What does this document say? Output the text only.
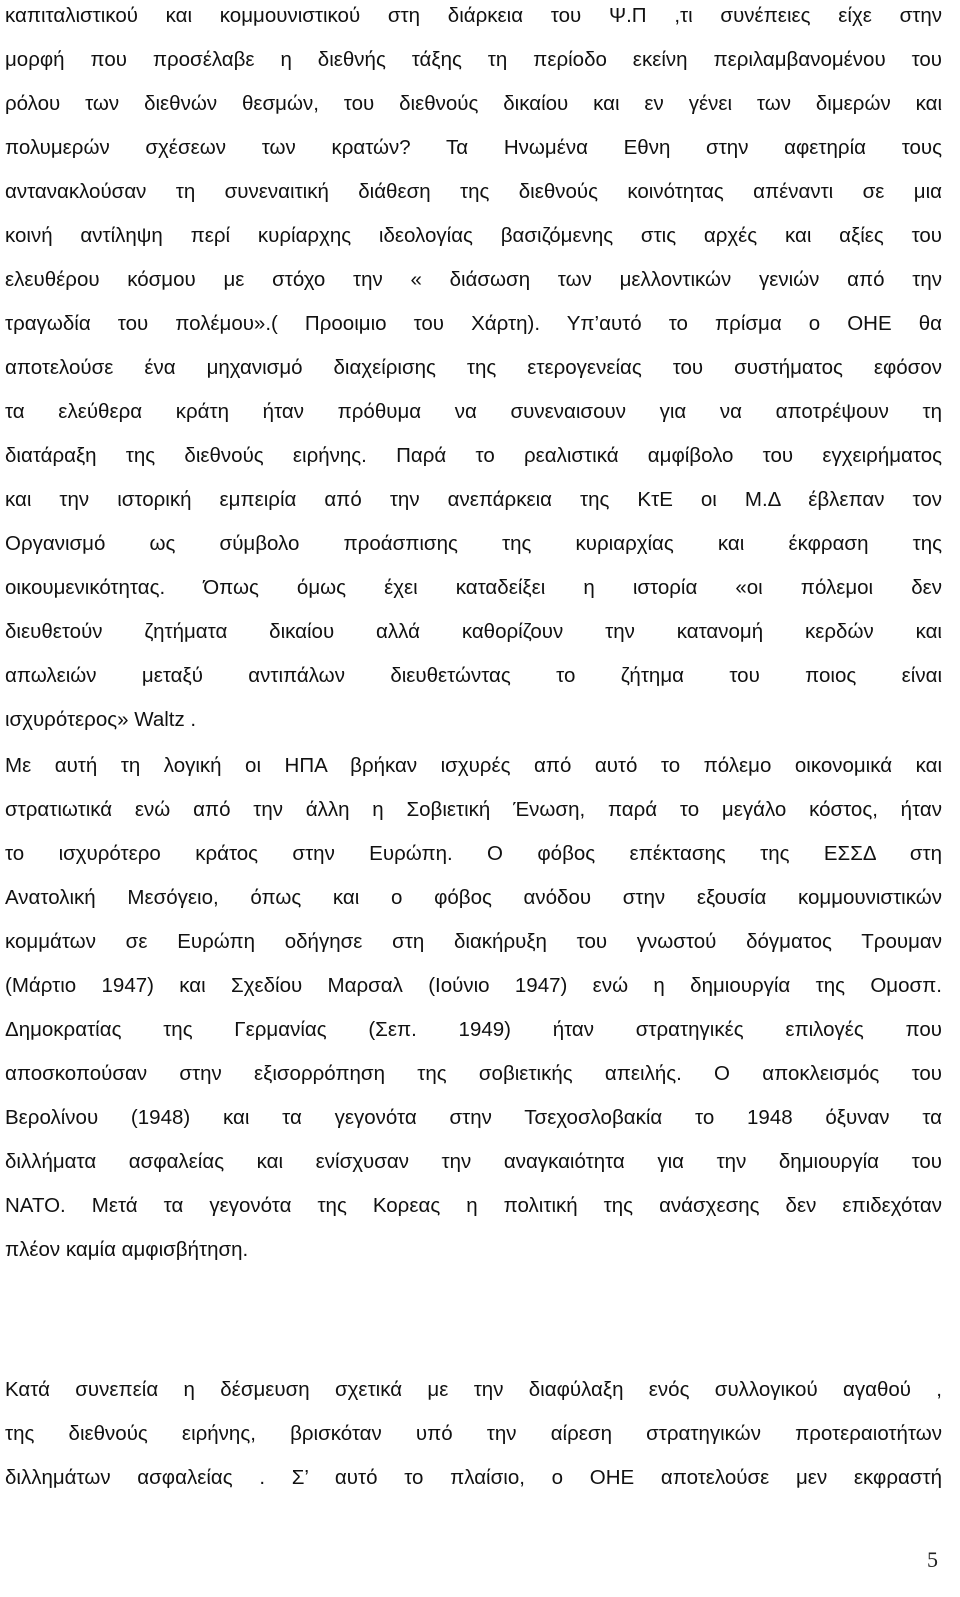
καπιταλιστικού και κομμουνιστικού στη διάρκεια του Ψ.Π ,τι συνέπειες είχε στην
μορφή που προσέλαβε η διεθνής τάξης τη περίοδο εκείνη περιλαμβανομένου του
ρόλου των διεθνών θεσμών, του διεθνούς δικαίου και εν γένει των διμερών και
πολυμερών σχέσεων των κρατών? Τα Ηνωμένα Εθνη στην αφετηρία τους
αντανακλούσαν τη συνεναιτική διάθεση της διεθνούς κοινότητας απέναντι σε μια
κοινή αντίληψη περί κυρίαρχης ιδεολογίας βασιζόμενης στις αρχές και αξίες του
ελευθέρου κόσμου με στόχο την « διάσωση των μελλοντικών γενιών από την
τραγωδία του πολέμου».( Προοιμιο του Χάρτη). Υπ’αυτό το πρίσμα ο ΟΗΕ θα
αποτελούσε ένα μηχανισμό διαχείρισης της ετερογενείας του συστήματος εφόσον
τα ελεύθερα κράτη ήταν πρόθυμα να συνεναισουν για να αποτρέψουν τη
διατάραξη της διεθνούς ειρήνης. Παρά το ρεαλιστικά αμφίβολο του εγχειρήματος
και την ιστορική εμπειρία από την ανεπάρκεια της ΚτΕ οι Μ.Δ έβλεπαν τον
Οργανισμό ως σύμβολο προάσπισης της κυριαρχίας και έκφραση της
οικουμενικότητας. Όπως όμως έχει καταδείξει η ιστορία «οι πόλεμοι δεν
διευθετούν ζητήματα δικαίου αλλά καθορίζουν την κατανομή κερδών και
απωλειών μεταξύ αντιπάλων διευθετώντας το ζήτημα του ποιος είναι
ισχυρότερος» Waltz .
Με αυτή τη λογική οι ΗΠΑ βρήκαν ισχυρές από αυτό το πόλεμο οικονομικά και
στρατιωτικά ενώ από την άλλη η Σοβιετική Ένωση, παρά το μεγάλο κόστος, ήταν
το ισχυρότερο κράτος στην Ευρώπη. Ο φόβος επέκτασης της ΕΣΣΔ στη
Ανατολική Μεσόγειο, όπως και ο φόβος ανόδου στην εξουσία κομμουνιστικών
κομμάτων σε Ευρώπη οδήγησε στη διακήρυξη του γνωστού δόγματος Τρουμαν
(Μάρτιο 1947) και Σχεδίου Μαρσαλ (Ιούνιο 1947) ενώ η δημιουργία της Ομοσπ.
Δημοκρατίας της Γερμανίας (Σεπ. 1949) ήταν στρατηγικές επιλογές που
αποσκοπούσαν στην εξισορρόπηση της σοβιετικής απειλής. Ο αποκλεισμός του
Βερολίνου (1948) και τα γεγονότα στην Τσεχοσλοβακία το 1948 όξυναν τα
διλλήματα ασφαλείας και ενίσχυσαν την αναγκαιότητα για την δημιουργία του
ΝΑΤΟ. Μετά τα γεγονότα της Κορεας η πολιτική της ανάσχεσης δεν επιδεχόταν
πλέον καμία αμφισβήτηση.
Κατά συνεπεία η δέσμευση σχετικά με την διαφύλαξη ενός συλλογικού αγαθού ,
της διεθνούς ειρήνης, βρισκόταν υπό την αίρεση στρατηγικών προτεραιοτήτων
διλλημάτων ασφαλείας . Σ’ αυτό το πλαίσιο, ο ΟΗΕ αποτελούσε μεν εκφραστή
5
